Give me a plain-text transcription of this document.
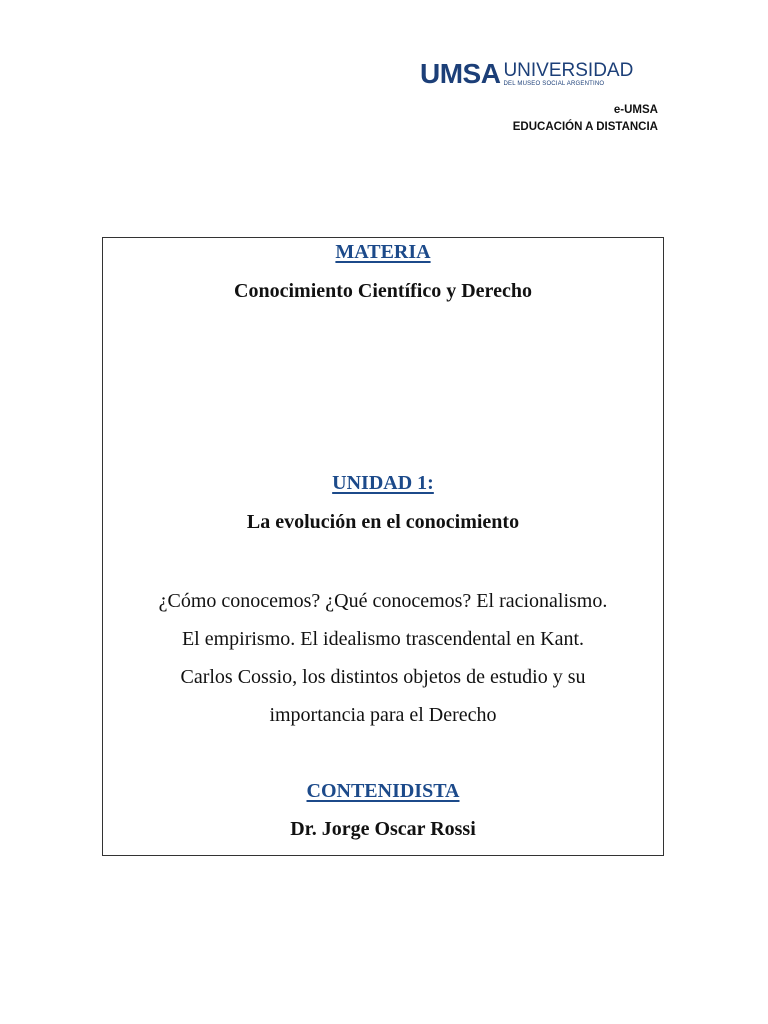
UMSA UNIVERSIDAD
DEL MUSEO SOCIAL ARGENTINO
e-UMSA
EDUCACIÓN A DISTANCIA
MATERIA
Conocimiento Científico y Derecho
UNIDAD 1:
La evolución en el conocimiento
¿Cómo conocemos? ¿Qué conocemos? El racionalismo.
El empirismo. El idealismo trascendental en Kant.
Carlos Cossio, los distintos objetos de estudio y su
importancia para el Derecho
CONTENIDISTA
Dr. Jorge Oscar Rossi
